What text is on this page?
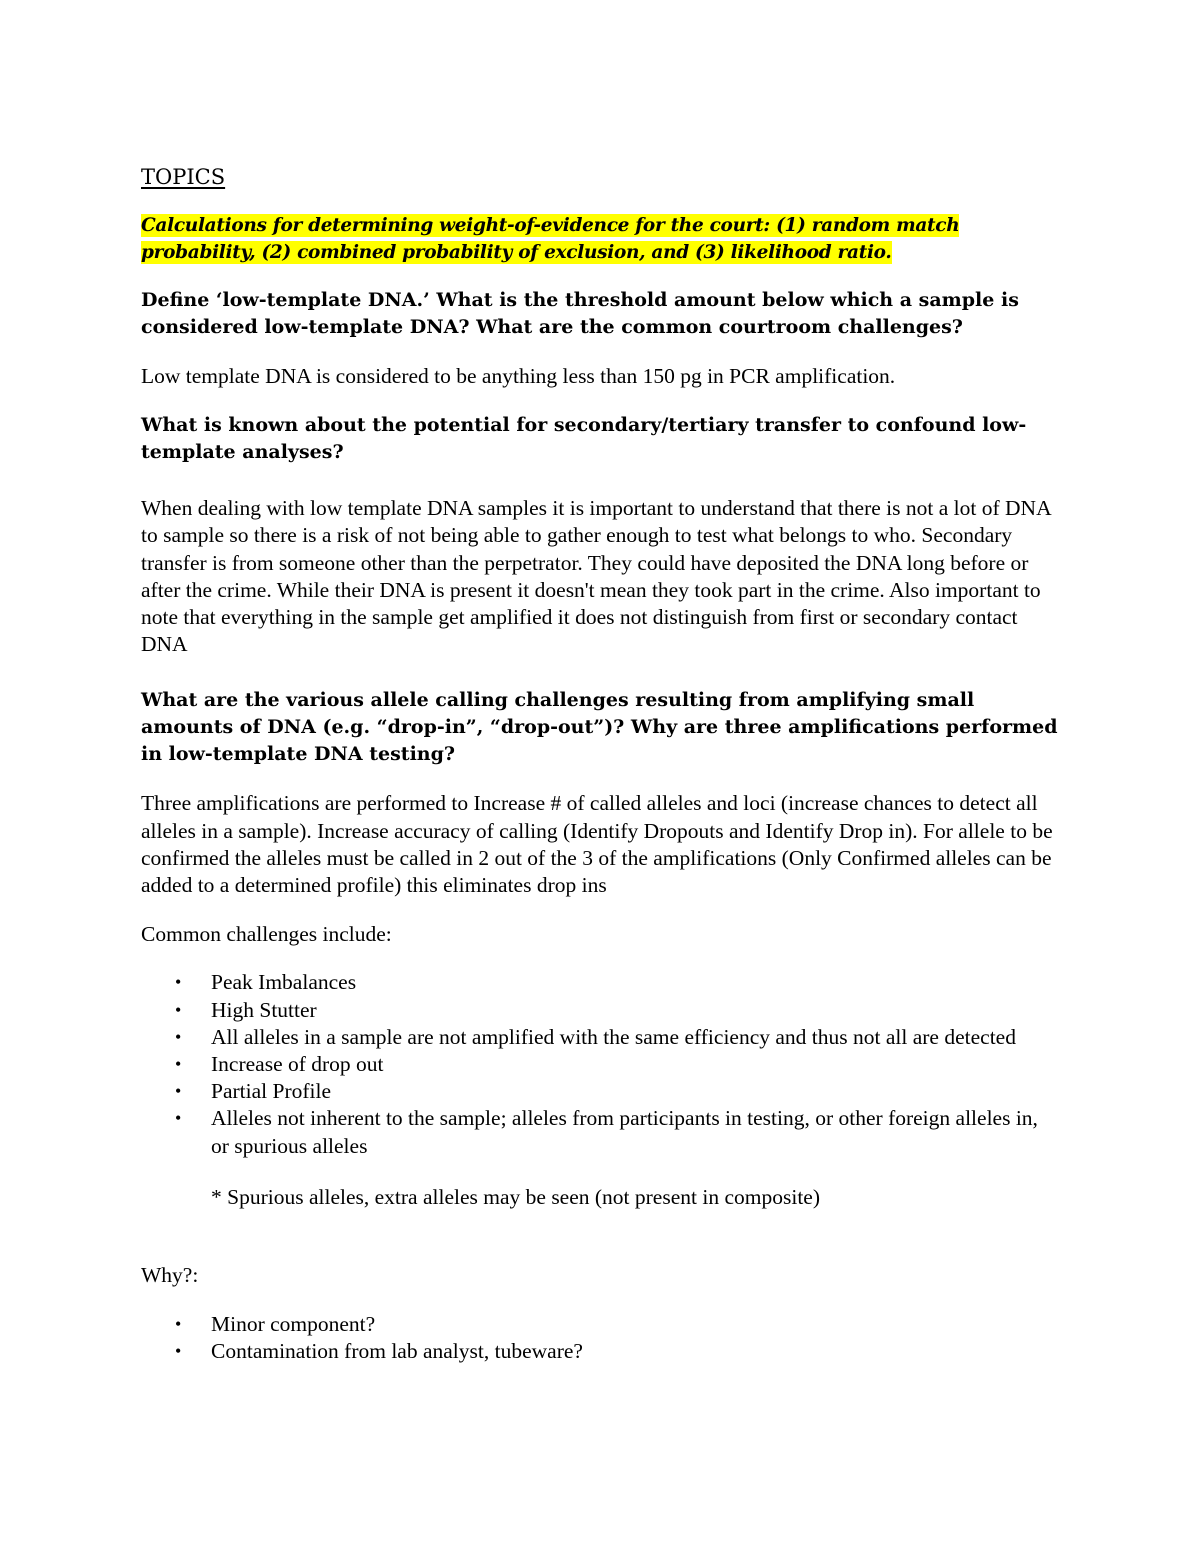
TOPICS
Calculations for determining weight-of-evidence for the court: (1) random match probability, (2) combined probability of exclusion, and (3) likelihood ratio.
Define ‘low-template DNA.’ What is the threshold amount below which a sample is considered low-template DNA? What are the common courtroom challenges?
Low template DNA is considered to be anything less than 150 pg in PCR amplification.
What is known about the potential for secondary/tertiary transfer to confound low-template analyses?
When dealing with low template DNA samples it is important to understand that there is not a lot of DNA to sample so there is a risk of not being able to gather enough to test what belongs to who. Secondary transfer is from someone other than the perpetrator. They could have deposited the DNA long before or after the crime. While their DNA is present it doesn't mean they took part in the crime. Also important to note that everything in the sample get amplified it does not distinguish from first or secondary contact DNA
What are the various allele calling challenges resulting from amplifying small amounts of DNA (e.g. “drop-in”, “drop-out”)? Why are three amplifications performed in low-template DNA testing?
Three amplifications are performed to Increase # of called alleles and loci (increase chances to detect all alleles in a sample). Increase accuracy of calling (Identify Dropouts and Identify Drop in). For allele to be confirmed the alleles must be called in 2 out of the 3 of the amplifications (Only Confirmed alleles can be added to a determined profile) this eliminates drop ins
Common challenges include:
• Peak Imbalances
• High Stutter
• All alleles in a sample are not amplified with the same efficiency and thus not all are detected
• Increase of drop out
• Partial Profile
• Alleles not inherent to the sample; alleles from participants in testing, or other foreign alleles in, or spurious alleles
* Spurious alleles, extra alleles may be seen (not present in composite)
Why?:
• Minor component?
• Contamination from lab analyst, tubeware?
